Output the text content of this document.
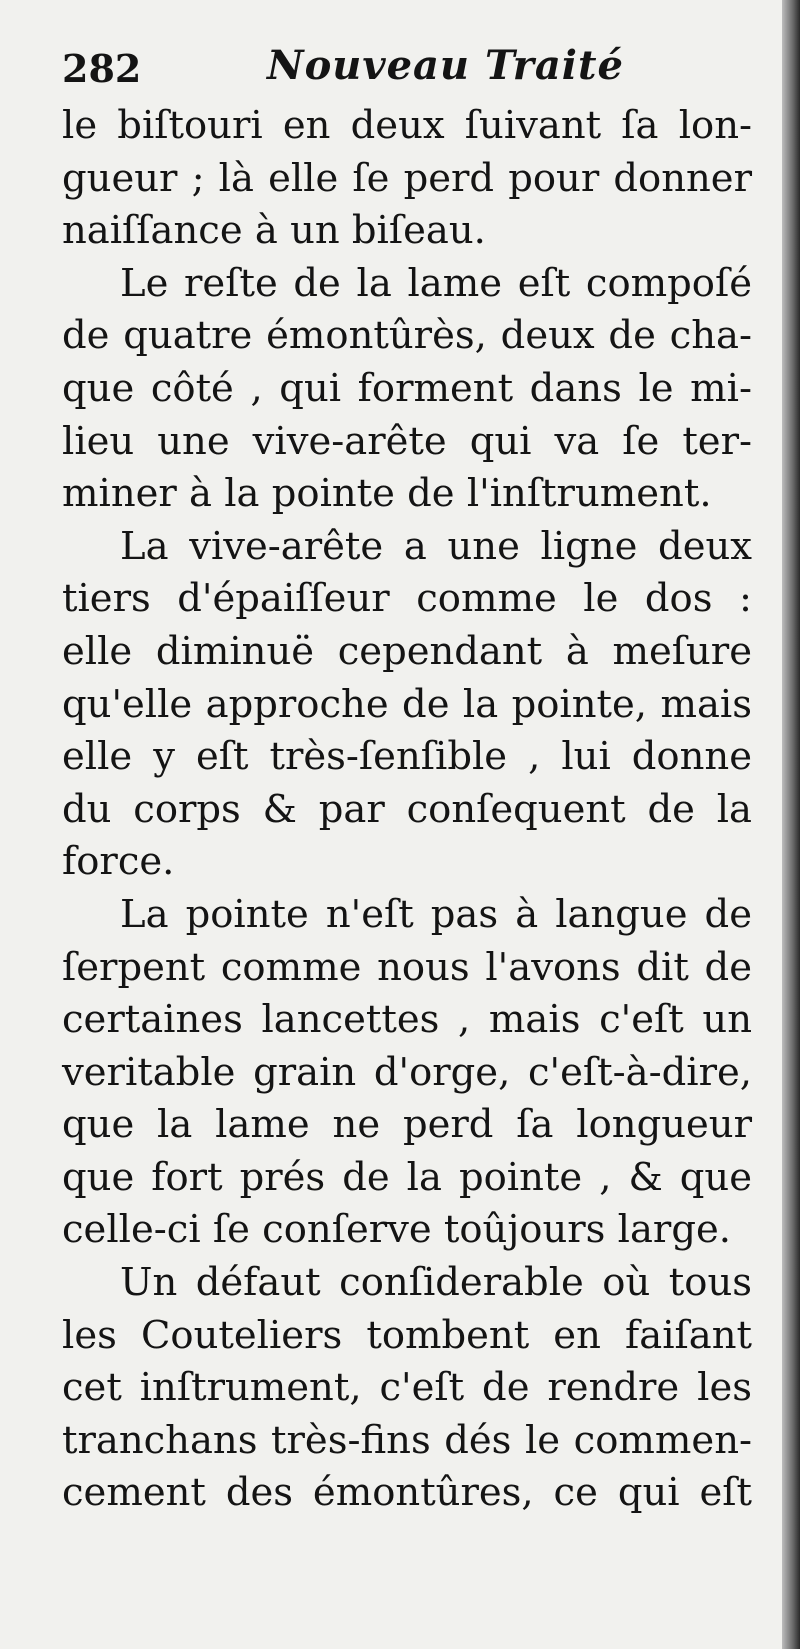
282	Nouveau Traité
le biſtouri en deux ſuivant ſa lon-
gueur ; là elle ſe perd pour donner
naiſſance à un biſeau.
Le reſte de la lame eſt compoſé
de quatre émontûrès, deux de cha-
que côté , qui forment dans le mi-
lieu une vive-arête qui va ſe ter-
miner à la pointe de l'inſtrument.
La vive-arête a une ligne deux
tiers d'épaiſſeur comme le dos :
elle diminuë cependant à meſure
qu'elle approche de la pointe, mais
elle y eſt très-ſenſible , lui donne
du corps & par conſequent de la
force.
La pointe n'eſt pas à langue de
ſerpent comme nous l'avons dit de
certaines lancettes , mais c'eſt un
veritable grain d'orge, c'eſt-à-dire,
que la lame ne perd ſa longueur
que fort prés de la pointe , & que
celle-ci ſe conſerve toûjours large.
Un défaut conſiderable où tous
les Couteliers tombent en faiſant
cet inſtrument, c'eſt de rendre les
tranchans très-fins dés le commen-
cement des émontûres, ce qui eſt
